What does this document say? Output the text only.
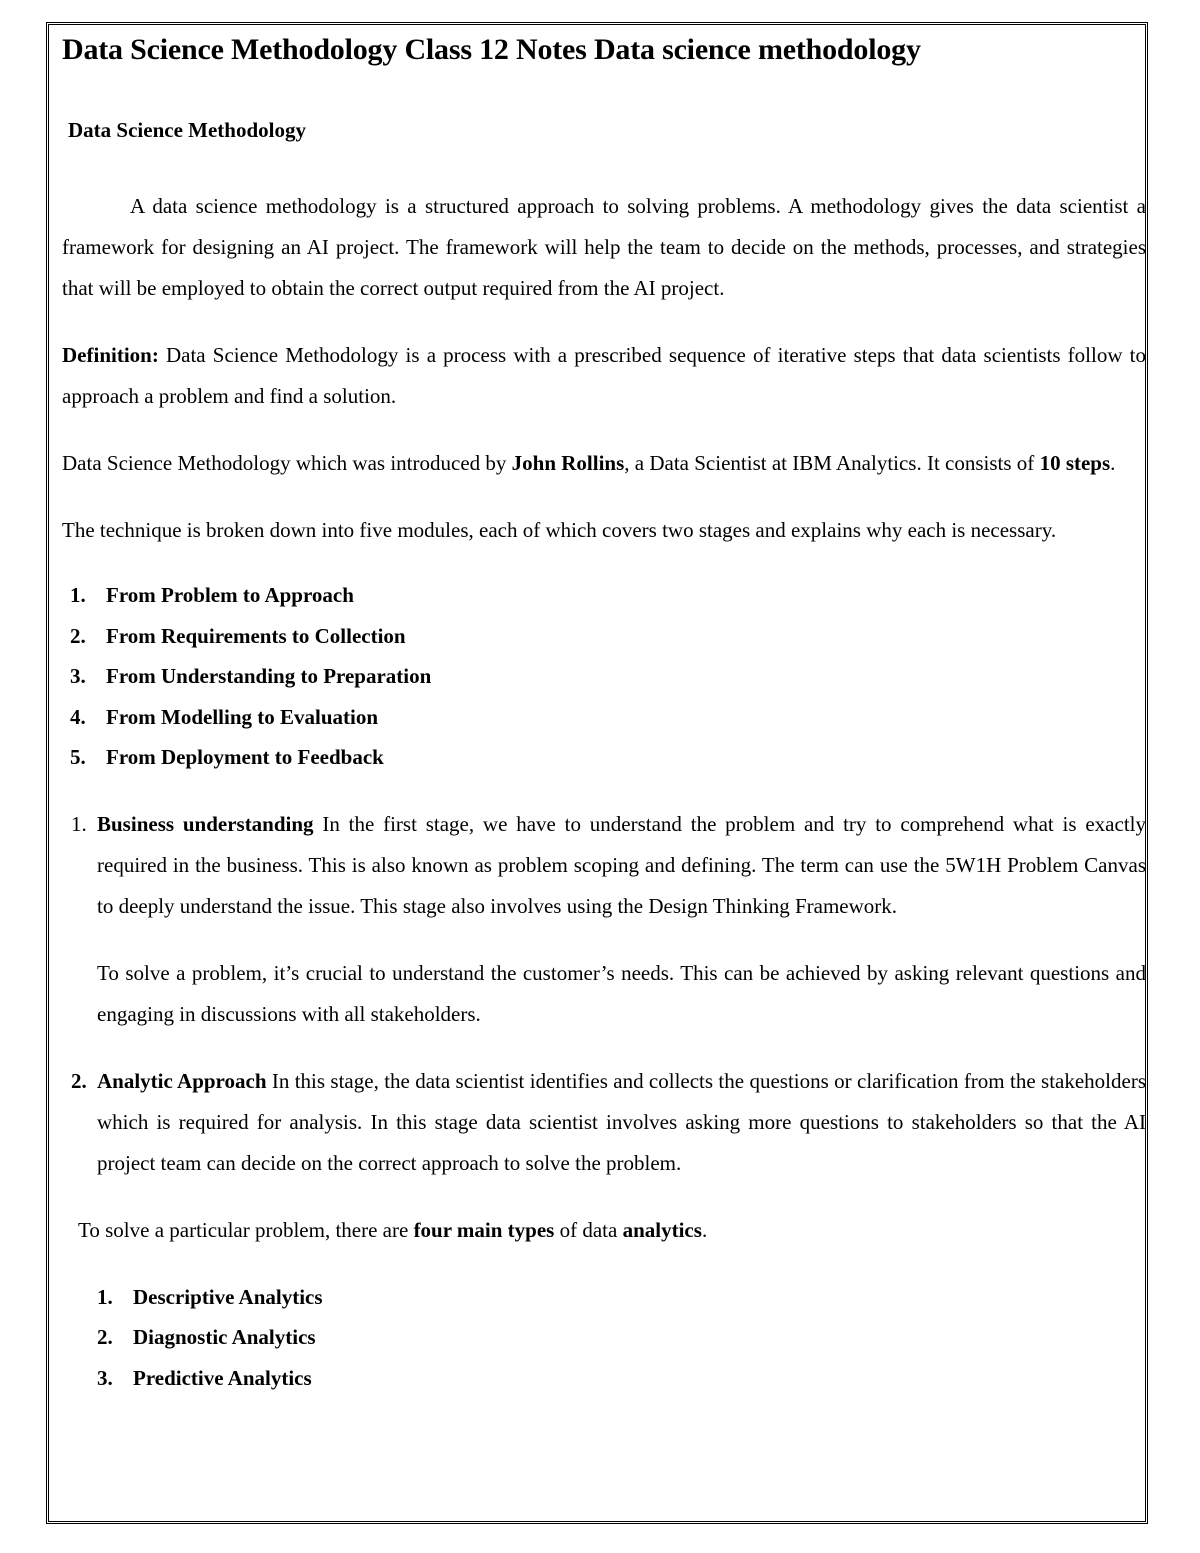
Data Science Methodology Class 12 Notes Data science methodology
Data Science Methodology

A data science methodology is a structured approach to solving problems. A methodology gives the data scientist a framework for designing an AI project. The framework will help the team to decide on the methods, processes, and strategies that will be employed to obtain the correct output required from the AI project.

Definition: Data Science Methodology is a process with a prescribed sequence of iterative steps that data scientists follow to approach a problem and find a solution.

Data Science Methodology which was introduced by John Rollins, a Data Scientist at IBM Analytics. It consists of 10 steps.

The technique is broken down into five modules, each of which covers two stages and explains why each is necessary.

1. From Problem to Approach
2. From Requirements to Collection
3. From Understanding to Preparation
4. From Modelling to Evaluation
5. From Deployment to Feedback
1. Business understanding In the first stage, we have to understand the problem and try to comprehend what is exactly required in the business. This is also known as problem scoping and defining. The term can use the 5W1H Problem Canvas to deeply understand the issue. This stage also involves using the Design Thinking Framework.

To solve a problem, it’s crucial to understand the customer’s needs. This can be achieved by asking relevant questions and engaging in discussions with all stakeholders.

2. Analytic Approach In this stage, the data scientist identifies and collects the questions or clarification from the stakeholders which is required for analysis. In this stage data scientist involves asking more questions to stakeholders so that the AI project team can decide on the correct approach to solve the problem.

To solve a particular problem, there are four main types of data analytics.

1. Descriptive Analytics
2. Diagnostic Analytics
3. Predictive Analytics
